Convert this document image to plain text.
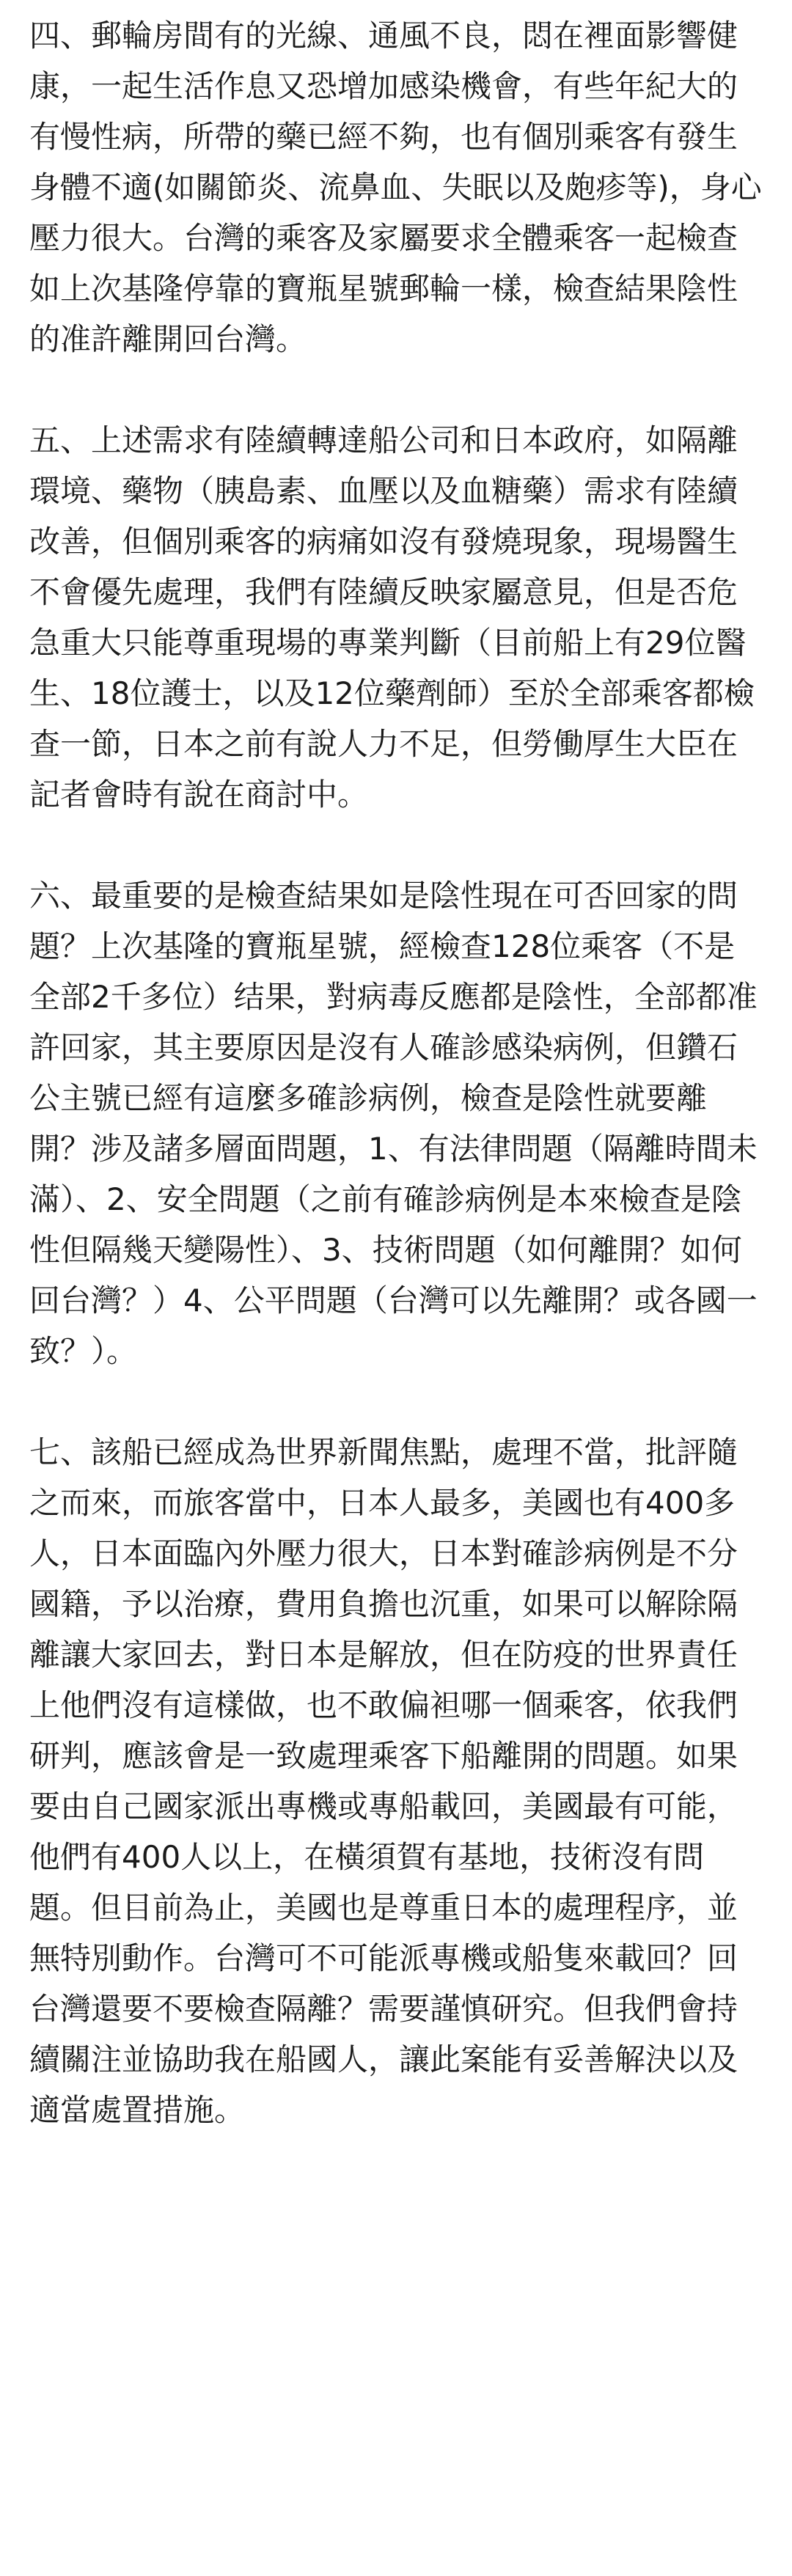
四、郵輪房間有的光線、通風不良，悶在裡面影響健康，一起生活作息又恐增加感染機會，有些年紀大的有慢性病，所帶的藥已經不夠，也有個別乘客有發生身體不適(如關節炎、流鼻血、失眠以及皰疹等)，身心壓力很大。台灣的乘客及家屬要求全體乘客一起檢查如上次基隆停靠的寶瓶星號郵輪一樣，檢查結果陰性的准許離開回台灣。

五、上述需求有陸續轉達船公司和日本政府，如隔離環境、藥物（胰島素、血壓以及血糖藥）需求有陸續改善，但個別乘客的病痛如沒有發燒現象，現場醫生不會優先處理，我們有陸續反映家屬意見，但是否危急重大只能尊重現場的專業判斷（目前船上有29位醫生、18位護士，以及12位藥劑師）至於全部乘客都檢查一節，日本之前有說人力不足，但勞働厚生大臣在記者會時有說在商討中。

六、最重要的是檢查結果如是陰性現在可否回家的問題？上次基隆的寶瓶星號，經檢查128位乘客（不是全部2千多位）结果，對病毒反應都是陰性，全部都准許回家，其主要原因是沒有人確診感染病例，但鑽石公主號已經有這麼多確診病例，檢查是陰性就要離開？涉及諸多層面問題，1、有法律問題（隔離時間未滿）、2、安全問題（之前有確診病例是本來檢查是陰性但隔幾天變陽性）、3、技術問題（如何離開？如何回台灣？）4、公平問題（台灣可以先離開？或各國一致？）。

七、該船已經成為世界新聞焦點，處理不當，批評隨之而來，而旅客當中，日本人最多，美國也有400多人，日本面臨內外壓力很大，日本對確診病例是不分國籍，予以治療，費用負擔也沉重，如果可以解除隔離讓大家回去，對日本是解放，但在防疫的世界責任上他們沒有這樣做，也不敢偏袒哪一個乘客，依我們研判，應該會是一致處理乘客下船離開的問題。如果要由自己國家派出專機或專船載回，美國最有可能，他們有400人以上，在橫須賀有基地，技術沒有問題。但目前為止，美國也是尊重日本的處理程序，並無特別動作。台灣可不可能派專機或船隻來載回？回台灣還要不要檢查隔離？需要謹慎研究。但我們會持續關注並協助我在船國人，讓此案能有妥善解決以及適當處置措施。
